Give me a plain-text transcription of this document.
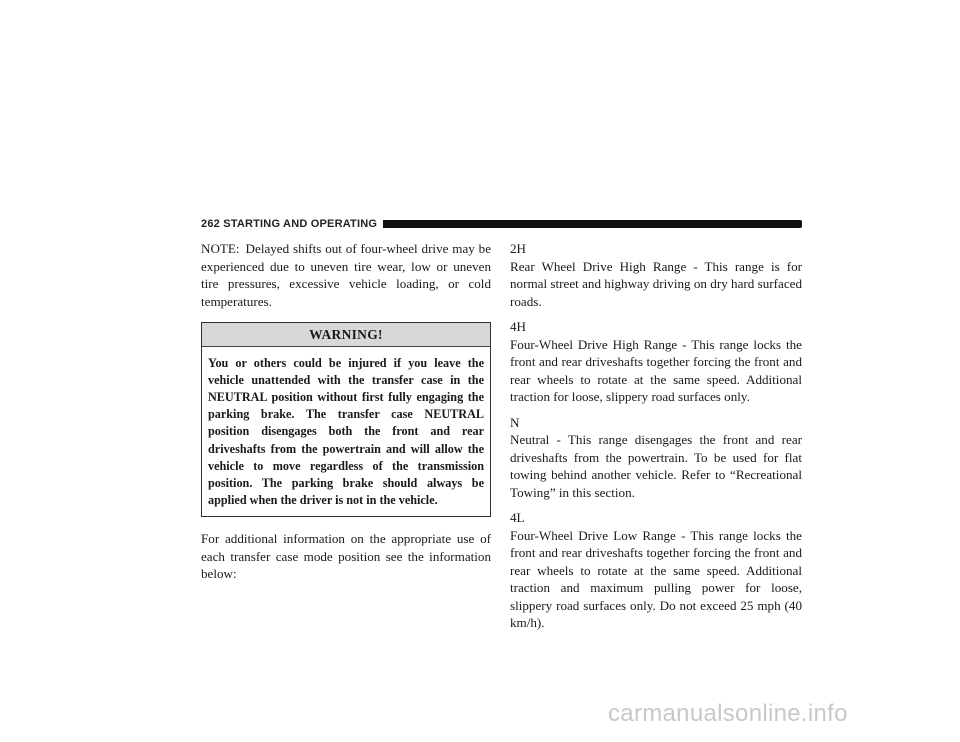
262 STARTING AND OPERATING

NOTE: Delayed shifts out of four-wheel drive may be experienced due to uneven tire wear, low or uneven tire pressures, excessive vehicle loading, or cold temperatures.

WARNING!
You or others could be injured if you leave the vehicle unattended with the transfer case in the NEUTRAL position without first fully engaging the parking brake. The transfer case NEUTRAL position disengages both the front and rear driveshafts from the powertrain and will allow the vehicle to move regardless of the transmission position. The parking brake should always be applied when the driver is not in the vehicle.

For additional information on the appropriate use of each transfer case mode position see the information below:

2H
Rear Wheel Drive High Range - This range is for normal street and highway driving on dry hard surfaced roads.
4H
Four-Wheel Drive High Range - This range locks the front and rear driveshafts together forcing the front and rear wheels to rotate at the same speed. Additional traction for loose, slippery road surfaces only.
N
Neutral - This range disengages the front and rear driveshafts from the powertrain. To be used for flat towing behind another vehicle. Refer to “Recreational Towing” in this section.
4L
Four-Wheel Drive Low Range - This range locks the front and rear driveshafts together forcing the front and rear wheels to rotate at the same speed. Additional traction and maximum pulling power for loose, slippery road surfaces only. Do not exceed 25 mph (40 km/h).
carmanualsonline.info
